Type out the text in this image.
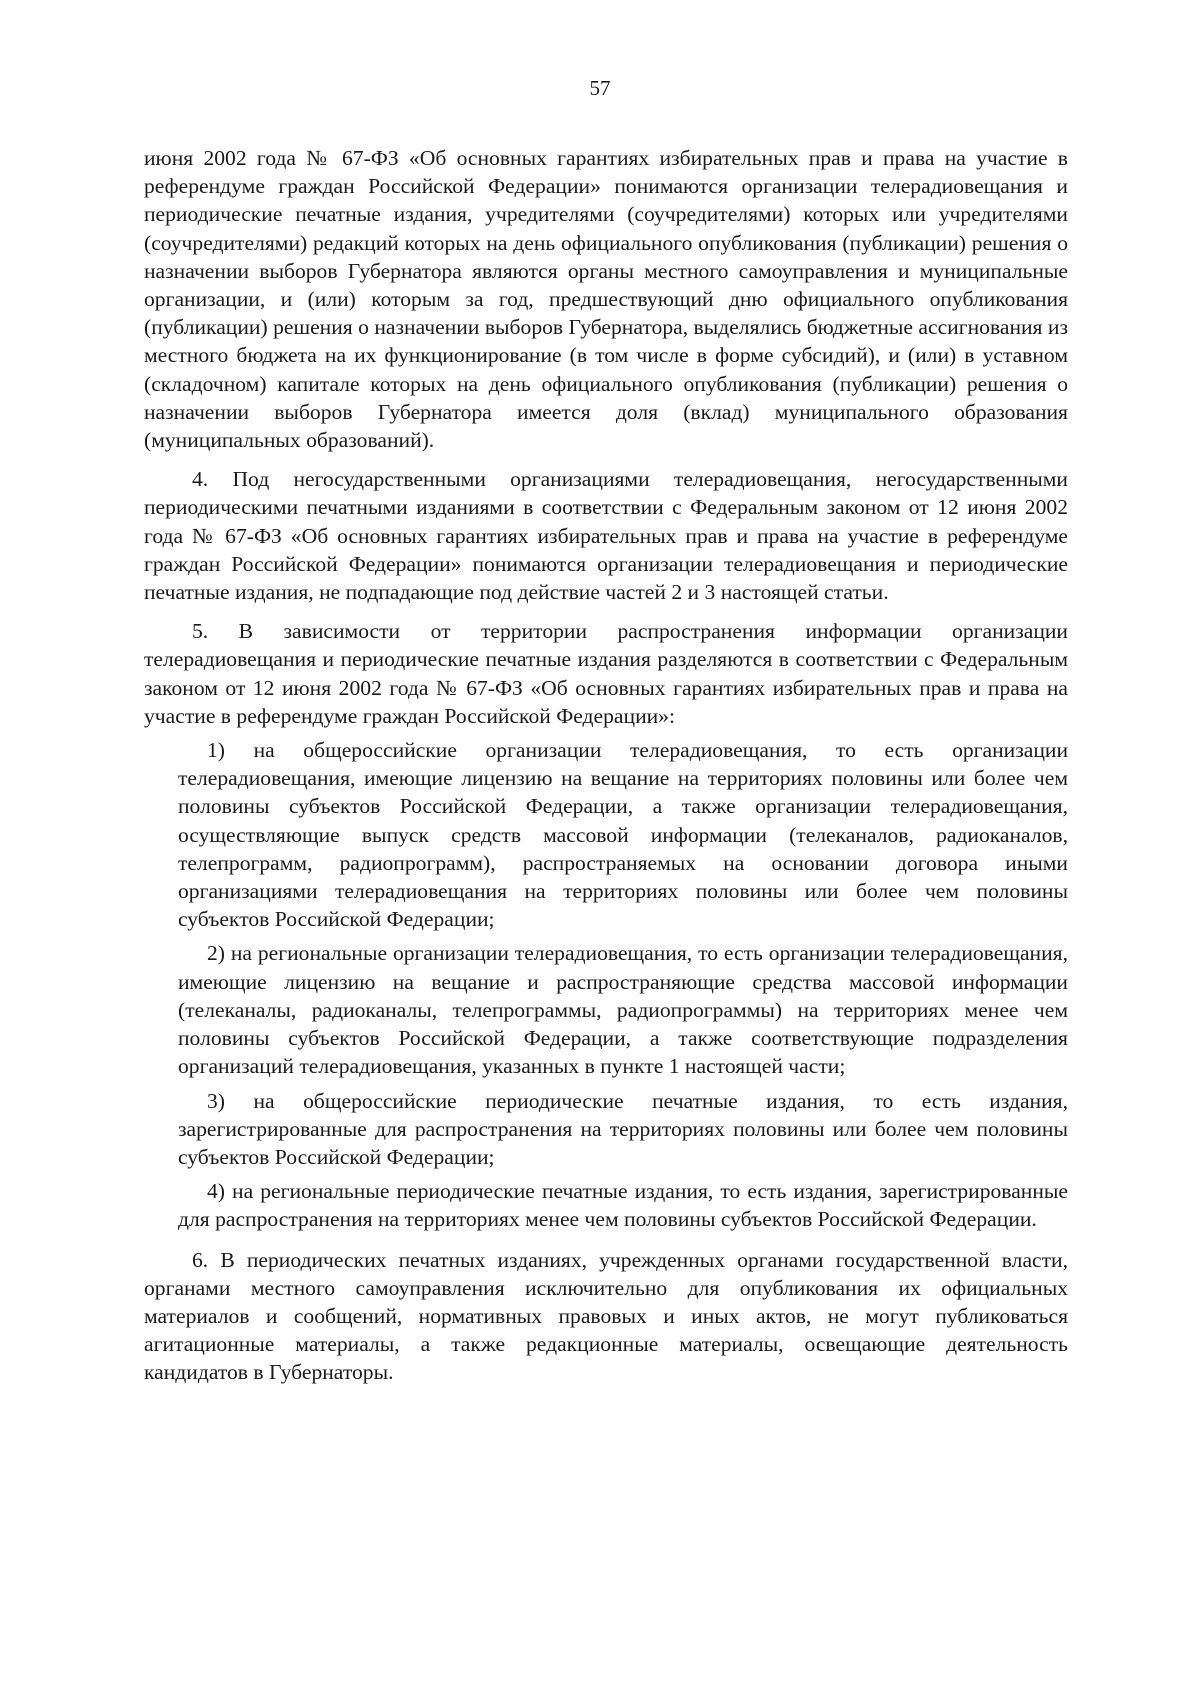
57

июня 2002 года № 67-ФЗ «Об основных гарантиях избирательных прав и права на участие в референдуме граждан Российской Федерации» понимаются организации телерадиовещания и периодические печатные издания, учредителями (соучредителями) которых или учредителями (соучредителями) редакций которых на день официального опубликования (публикации) решения о назначении выборов Губернатора являются органы местного самоуправления и муниципальные организации, и (или) которым за год, предшествующий дню официального опубликования (публикации) решения о назначении выборов Губернатора, выделялись бюджетные ассигнования из местного бюджета на их функционирование (в том числе в форме субсидий), и (или) в уставном (складочном) капитале которых на день официального опубликования (публикации) решения о назначении выборов Губернатора имеется доля (вклад) муниципального образования (муниципальных образований).

4. Под негосударственными организациями телерадиовещания, негосударственными периодическими печатными изданиями в соответствии с Федеральным законом от 12 июня 2002 года № 67-ФЗ «Об основных гарантиях избирательных прав и права на участие в референдуме граждан Российской Федерации» понимаются организации телерадиовещания и периодические печатные издания, не подпадающие под действие частей 2 и 3 настоящей статьи.

5. В зависимости от территории распространения информации организации телерадиовещания и периодические печатные издания разделяются в соответствии с Федеральным законом от 12 июня 2002 года № 67-ФЗ «Об основных гарантиях избирательных прав и права на участие в референдуме граждан Российской Федерации»:

1) на общероссийские организации телерадиовещания, то есть организации телерадиовещания, имеющие лицензию на вещание на территориях половины или более чем половины субъектов Российской Федерации, а также организации телерадиовещания, осуществляющие выпуск средств массовой информации (телеканалов, радиоканалов, телепрограмм, радиопрограмм), распространяемых на основании договора иными организациями телерадиовещания на территориях половины или более чем половины субъектов Российской Федерации;

2) на региональные организации телерадиовещания, то есть организации телерадиовещания, имеющие лицензию на вещание и распространяющие средства массовой информации (телеканалы, радиоканалы, телепрограммы, радиопрограммы) на территориях менее чем половины субъектов Российской Федерации, а также соответствующие подразделения организаций телерадиовещания, указанных в пункте 1 настоящей части;

3) на общероссийские периодические печатные издания, то есть издания, зарегистрированные для распространения на территориях половины или более чем половины субъектов Российской Федерации;

4) на региональные периодические печатные издания, то есть издания, зарегистрированные для распространения на территориях менее чем половины субъектов Российской Федерации.

6. В периодических печатных изданиях, учрежденных органами государственной власти, органами местного самоуправления исключительно для опубликования их официальных материалов и сообщений, нормативных правовых и иных актов, не могут публиковаться агитационные материалы, а также редакционные материалы, освещающие деятельность кандидатов в Губернаторы.
